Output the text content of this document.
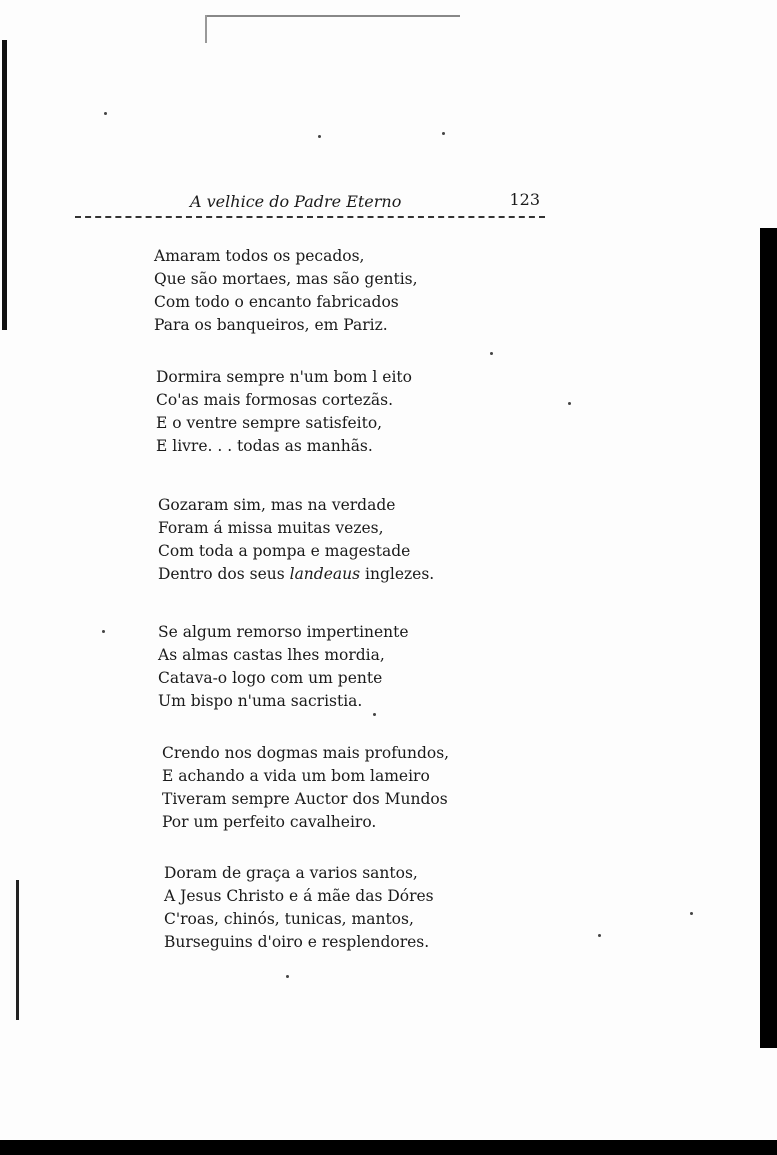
A velhice do Padre Eterno	123
Amaram todos os pecados,
Que são mortaes, mas são gentis,
Com todo o encanto fabricados
Para os banqueiros, em Pariz.
Dormira sempre n'um bom l eito
Co'as mais formosas cortezãs.
E o ventre sempre satisfeito,
E livre. . . todas as manhãs.
Gozaram sim, mas na verdade
Foram á missa muitas vezes,
Com toda a pompa e magestade
Dentro dos seus landeaus inglezes.
Se algum remorso impertinente
As almas castas lhes mordia,
Catava-o logo com um pente
Um bispo n'uma sacristia.
Crendo nos dogmas mais profundos,
E achando a vida um bom lameiro
Tiveram sempre Auctor dos Mundos
Por um perfeito cavalheiro.
Doram de graça a varios santos,
A Jesus Christo e á mãe das Dóres
C'roas, chinós, tunicas, mantos,
Burseguins d'oiro e resplendores.
